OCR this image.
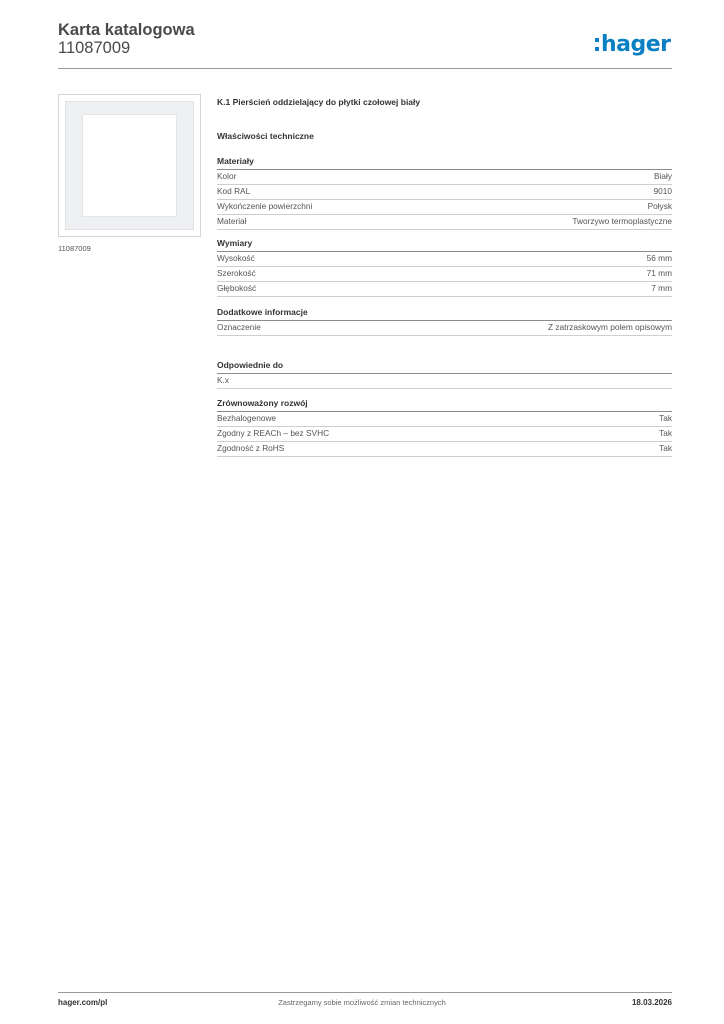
Karta katalogowa
11087009	hager
11087009
K.1 Pierścień oddzielający do płytki czołowej biały
Właściwości techniczne
Materiały
Kolor	Biały
Kod RAL	9010
Wykończenie powierzchni	Połysk
Materiał	Tworzywo termoplastyczne
Wymiary
Wysokość	56 mm
Szerokość	71 mm
Głębokość	7 mm
Dodatkowe informacje
Oznaczenie	Z zatrzaskowym polem opisowym
Odpowiednie do
K.x
Zrównoważony rozwój
Bezhalogenowe	Tak
Zgodny z REACh – bez SVHC	Tak
Zgodność z RoHS	Tak
hager.com/pl	Zastrzegamy sobie możliwość zmian technicznych	18.03.2026
